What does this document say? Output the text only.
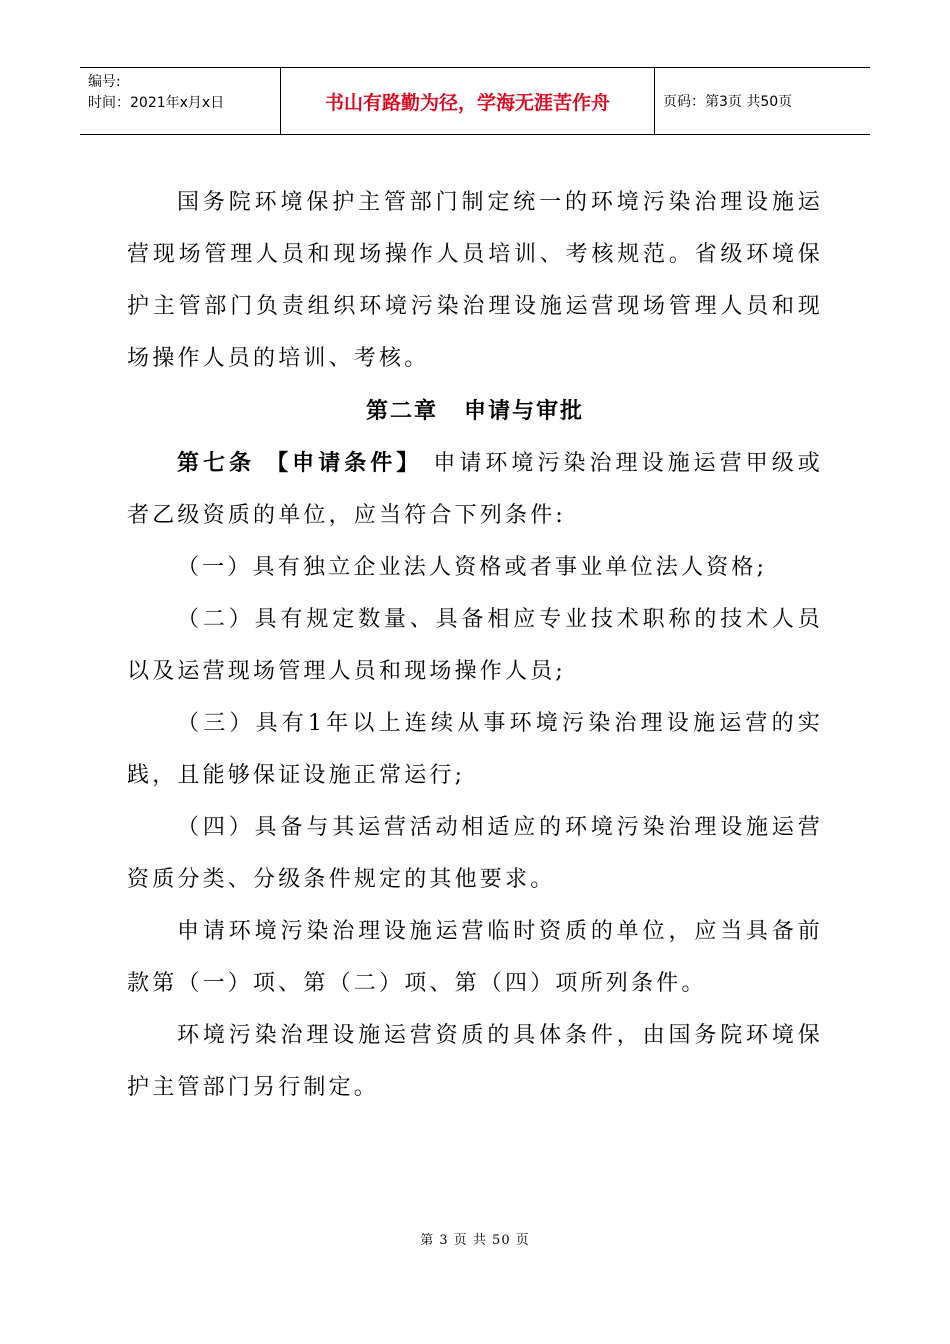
编号:
时间：2021年x月x日	书山有路勤为径，学海无涯苦作舟	页码：第3页 共50页

国务院环境保护主管部门制定统一的环境污染治理设施运营现场管理人员和现场操作人员培训、考核规范。省级环境保护主管部门负责组织环境污染治理设施运营现场管理人员和现场操作人员的培训、考核。

第二章 申请与审批

第七条 【申请条件】 申请环境污染治理设施运营甲级或者乙级资质的单位，应当符合下列条件:

（一）具有独立企业法人资格或者事业单位法人资格;

（二）具有规定数量、具备相应专业技术职称的技术人员以及运营现场管理人员和现场操作人员;

（三）具有1年以上连续从事环境污染治理设施运营的实践，且能够保证设施正常运行;

（四）具备与其运营活动相适应的环境污染治理设施运营资质分类、分级条件规定的其他要求。

申请环境污染治理设施运营临时资质的单位，应当具备前款第（一）项、第（二）项、第（四）项所列条件。

环境污染治理设施运营资质的具体条件，由国务院环境保护主管部门另行制定。

第 3 页 共 50 页
